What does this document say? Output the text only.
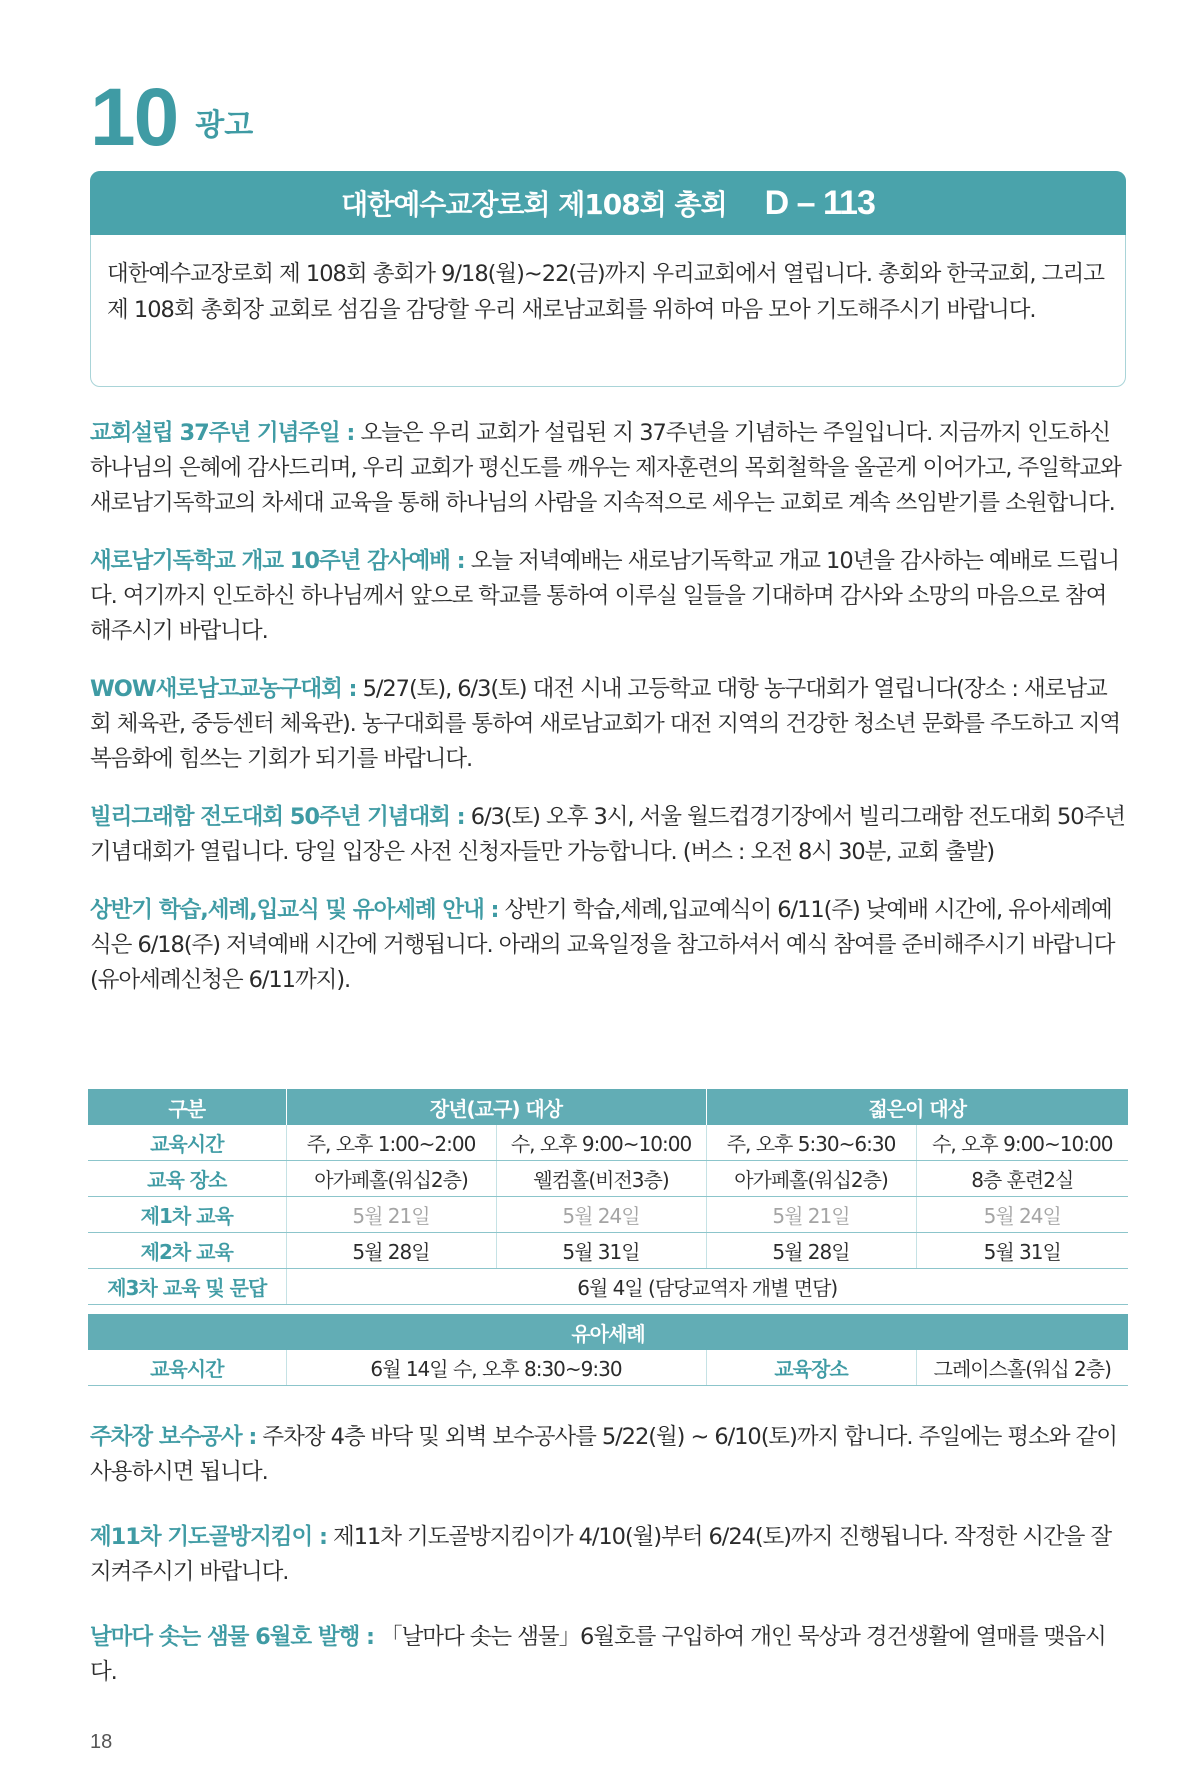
10 광고
대한예수교장로회 제108회 총회 D – 113
대한예수교장로회 제 108회 총회가 9/18(월)~22(금)까지 우리교회에서 열립니다. 총회와 한국교회, 그리고 제 108회 총회장 교회로 섬김을 감당할 우리 새로남교회를 위하여 마음 모아 기도해주시기 바랍니다.
교회설립 37주년 기념주일 : 오늘은 우리 교회가 설립된 지 37주년을 기념하는 주일입니다. 지금까지 인도하신 하나님의 은혜에 감사드리며, 우리 교회가 평신도를 깨우는 제자훈련의 목회철학을 올곧게 이어가고, 주일학교와 새로남기독학교의 차세대 교육을 통해 하나님의 사람을 지속적으로 세우는 교회로 계속 쓰임받기를 소원합니다.
새로남기독학교 개교 10주년 감사예배 : 오늘 저녁예배는 새로남기독학교 개교 10년을 감사하는 예배로 드립니다. 여기까지 인도하신 하나님께서 앞으로 학교를 통하여 이루실 일들을 기대하며 감사와 소망의 마음으로 참여해주시기 바랍니다.
WOW새로남고교농구대회 : 5/27(토), 6/3(토) 대전 시내 고등학교 대항 농구대회가 열립니다(장소 : 새로남교회 체육관, 중등센터 체육관). 농구대회를 통하여 새로남교회가 대전 지역의 건강한 청소년 문화를 주도하고 지역복음화에 힘쓰는 기회가 되기를 바랍니다.
빌리그래함 전도대회 50주년 기념대회 : 6/3(토) 오후 3시, 서울 월드컵경기장에서 빌리그래함 전도대회 50주년 기념대회가 열립니다. 당일 입장은 사전 신청자들만 가능합니다. (버스 : 오전 8시 30분, 교회 출발)
상반기 학습,세례,입교식 및 유아세례 안내 : 상반기 학습,세례,입교예식이 6/11(주) 낮예배 시간에, 유아세례예식은 6/18(주) 저녁예배 시간에 거행됩니다. 아래의 교육일정을 참고하셔서 예식 참여를 준비해주시기 바랍니다(유아세례신청은 6/11까지).
구분	장년(교구) 대상		젊은이 대상	
교육시간	주, 오후 1:00~2:00	수, 오후 9:00~10:00	주, 오후 5:30~6:30	수, 오후 9:00~10:00
교육 장소	아가페홀(워십2층)	웰컴홀(비전3층)	아가페홀(워십2층)	8층 훈련2실
제1차 교육	5월 21일	5월 24일	5월 21일	5월 24일
제2차 교육	5월 28일	5월 31일	5월 28일	5월 31일
제3차 교육 및 문답	6월 4일 (담당교역자 개별 면담)			

유아세례				
교육시간	6월 14일 수, 오후 8:30~9:30		교육장소	그레이스홀(워십 2층)
주차장 보수공사 : 주차장 4층 바닥 및 외벽 보수공사를 5/22(월) ~ 6/10(토)까지 합니다. 주일에는 평소와 같이 사용하시면 됩니다.
제11차 기도골방지킴이 : 제11차 기도골방지킴이가 4/10(월)부터 6/24(토)까지 진행됩니다. 작정한 시간을 잘 지켜주시기 바랍니다.
날마다 솟는 샘물 6월호 발행 : 「날마다 솟는 샘물」6월호를 구입하여 개인 묵상과 경건생활에 열매를 맺읍시다.
18
